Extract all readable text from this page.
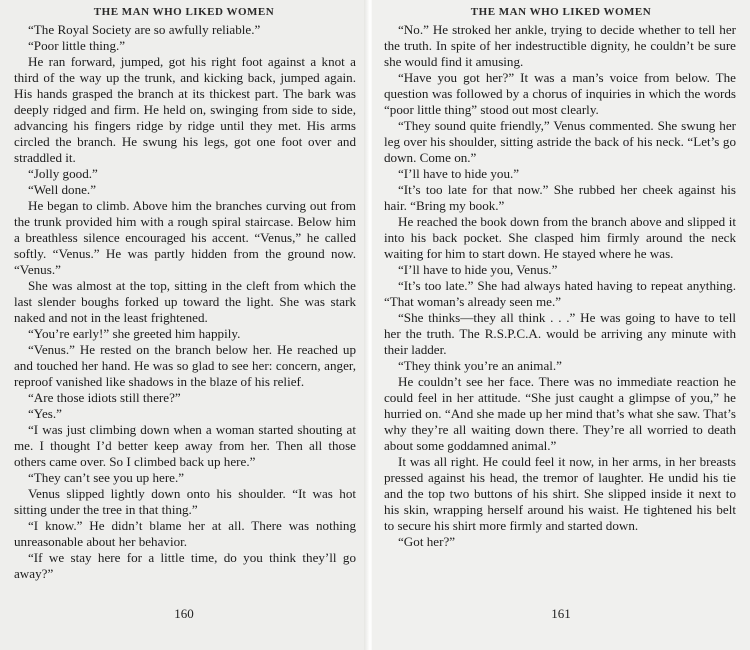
THE MAN WHO LIKED WOMEN

“The Royal Society are so awfully reliable.”

“Poor little thing.”

He ran forward, jumped, got his right foot against a knot a third of the way up the trunk, and kicking back, jumped again. His hands grasped the branch at its thickest part. The bark was deeply ridged and firm. He held on, swinging from side to side, advancing his fingers ridge by ridge until they met. His arms circled the branch. He swung his legs, got one foot over and straddled it.

“Jolly good.”

“Well done.”

He began to climb. Above him the branches curving out from the trunk provided him with a rough spiral staircase. Below him a breathless silence encouraged his accent. “Venus,” he called softly. “Venus.” He was partly hidden from the ground now. “Venus.”

She was almost at the top, sitting in the cleft from which the last slender boughs forked up toward the light. She was stark naked and not in the least frightened.

“You’re early!” she greeted him happily.

“Venus.” He rested on the branch below her. He reached up and touched her hand. He was so glad to see her: concern, anger, reproof vanished like shadows in the blaze of his relief.

“Are those idiots still there?”

“Yes.”

“I was just climbing down when a woman started shouting at me. I thought I’d better keep away from her. Then all those others came over. So I climbed back up here.”

“They can’t see you up here.”

Venus slipped lightly down onto his shoulder. “It was hot sitting under the tree in that thing.”

“I know.” He didn’t blame her at all. There was nothing unreasonable about her behavior.

“If we stay here for a little time, do you think they’ll go away?”

160
THE MAN WHO LIKED WOMEN

“No.” He stroked her ankle, trying to decide whether to tell her the truth. In spite of her indestructible dignity, he couldn’t be sure she would find it amusing.

“Have you got her?” It was a man’s voice from below. The question was followed by a chorus of inquiries in which the words “poor little thing” stood out most clearly.

“They sound quite friendly,” Venus commented. She swung her leg over his shoulder, sitting astride the back of his neck. “Let’s go down. Come on.”

“I’ll have to hide you.”

“It’s too late for that now.” She rubbed her cheek against his hair. “Bring my book.”

He reached the book down from the branch above and slipped it into his back pocket. She clasped him firmly around the neck waiting for him to start down. He stayed where he was.

“I’ll have to hide you, Venus.”

“It’s too late.” She had always hated having to repeat anything. “That woman’s already seen me.”

“She thinks—they all think . . .” He was going to have to tell her the truth. The R.S.P.C.A. would be arriving any minute with their ladder.

“They think you’re an animal.”

He couldn’t see her face. There was no immediate reaction he could feel in her attitude. “She just caught a glimpse of you,” he hurried on. “And she made up her mind that’s what she saw. That’s why they’re all waiting down there. They’re all worried to death about some goddamned animal.”

It was all right. He could feel it now, in her arms, in her breasts pressed against his head, the tremor of laughter. He undid his tie and the top two buttons of his shirt. She slipped inside it next to his skin, wrapping herself around his waist. He tightened his belt to secure his shirt more firmly and started down.

“Got her?”

161
